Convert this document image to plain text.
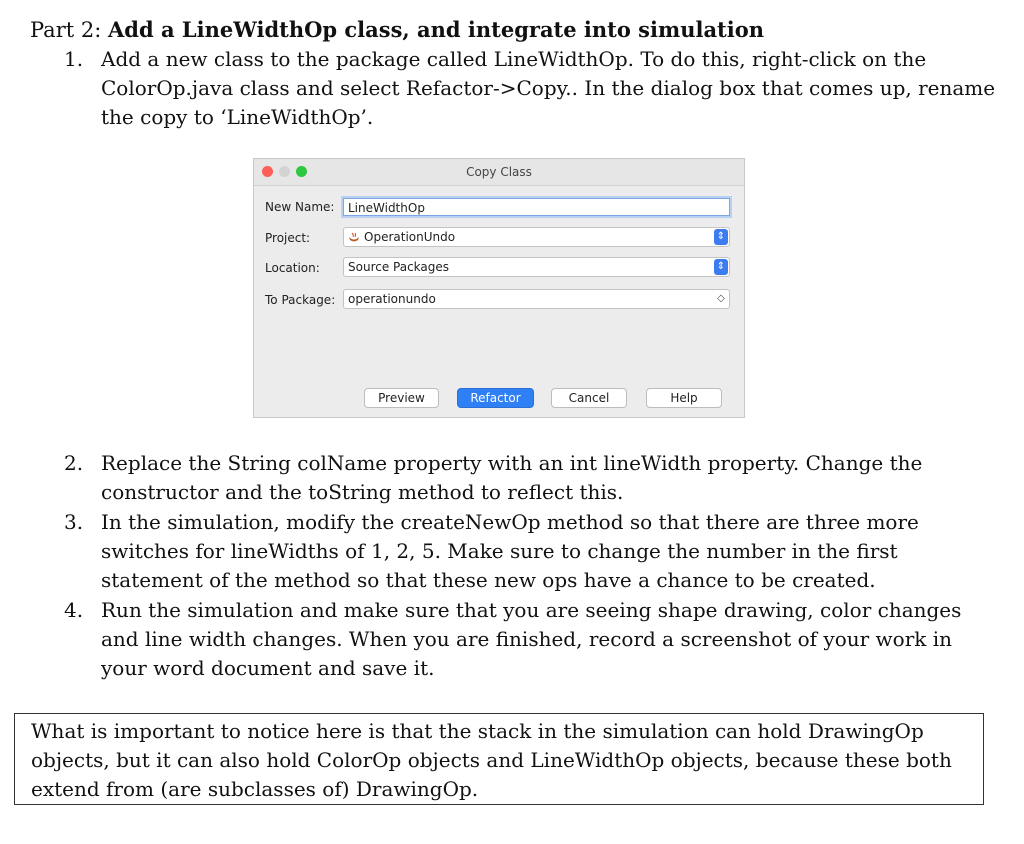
Part 2: Add a LineWidthOp class, and integrate into simulation
1. Add a new class to the package called LineWidthOp. To do this, right-click on the ColorOp.java class and select Refactor->Copy.. In the dialog box that comes up, rename the copy to ‘LineWidthOp’.
Copy Class
New Name:	LineWidthOp
Project:	OperationUndo	⇕
Location:	Source Packages	⇕
To Package:	operationundo	◇
Preview	Refactor	Cancel	Help
2. Replace the String colName property with an int lineWidth property. Change the constructor and the toString method to reflect this.
3. In the simulation, modify the createNewOp method so that there are three more switches for lineWidths of 1, 2, 5. Make sure to change the number in the first statement of the method so that these new ops have a chance to be created.
4. Run the simulation and make sure that you are seeing shape drawing, color changes and line width changes. When you are finished, record a screenshot of your work in your word document and save it.
What is important to notice here is that the stack in the simulation can hold DrawingOp objects, but it can also hold ColorOp objects and LineWidthOp objects, because these both extend from (are subclasses of) DrawingOp.
